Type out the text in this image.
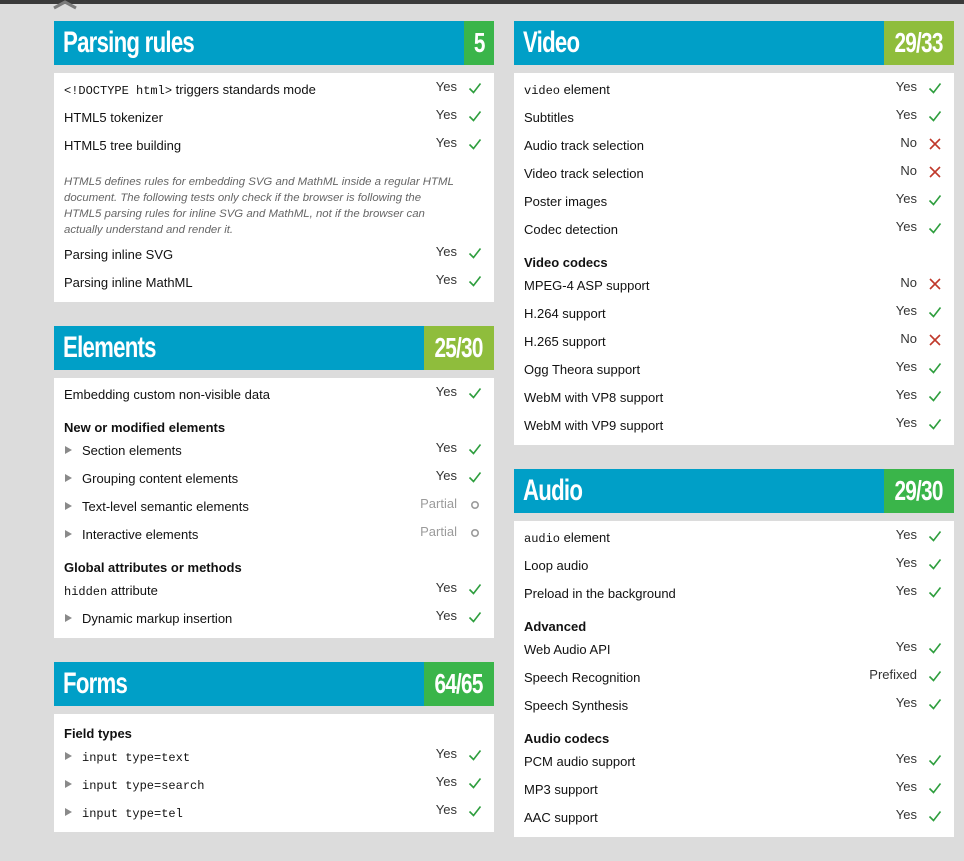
Parsing rules	5
<!DOCTYPE html> triggers standards mode	Yes
HTML5 tokenizer	Yes
HTML5 tree building	Yes
HTML5 defines rules for embedding SVG and MathML inside a regular HTML document. The following tests only check if the browser is following the HTML5 parsing rules for inline SVG and MathML, not if the browser can actually understand and render it.
Parsing inline SVG	Yes
Parsing inline MathML	Yes
Elements	25/30
Embedding custom non-visible data	Yes
New or modified elements
Section elements	Yes
Grouping content elements	Yes
Text-level semantic elements	Partial
Interactive elements	Partial
Global attributes or methods
hidden attribute	Yes
Dynamic markup insertion	Yes
Forms	64/65
Field types
input type=text	Yes
input type=search	Yes
input type=tel	Yes
Video	29/33
video element	Yes
Subtitles	Yes
Audio track selection	No
Video track selection	No
Poster images	Yes
Codec detection	Yes
Video codecs
MPEG-4 ASP support	No
H.264 support	Yes
H.265 support	No
Ogg Theora support	Yes
WebM with VP8 support	Yes
WebM with VP9 support	Yes
Audio	29/30
audio element	Yes
Loop audio	Yes
Preload in the background	Yes
Advanced
Web Audio API	Yes
Speech Recognition	Prefixed
Speech Synthesis	Yes
Audio codecs
PCM audio support	Yes
MP3 support	Yes
AAC support	Yes
